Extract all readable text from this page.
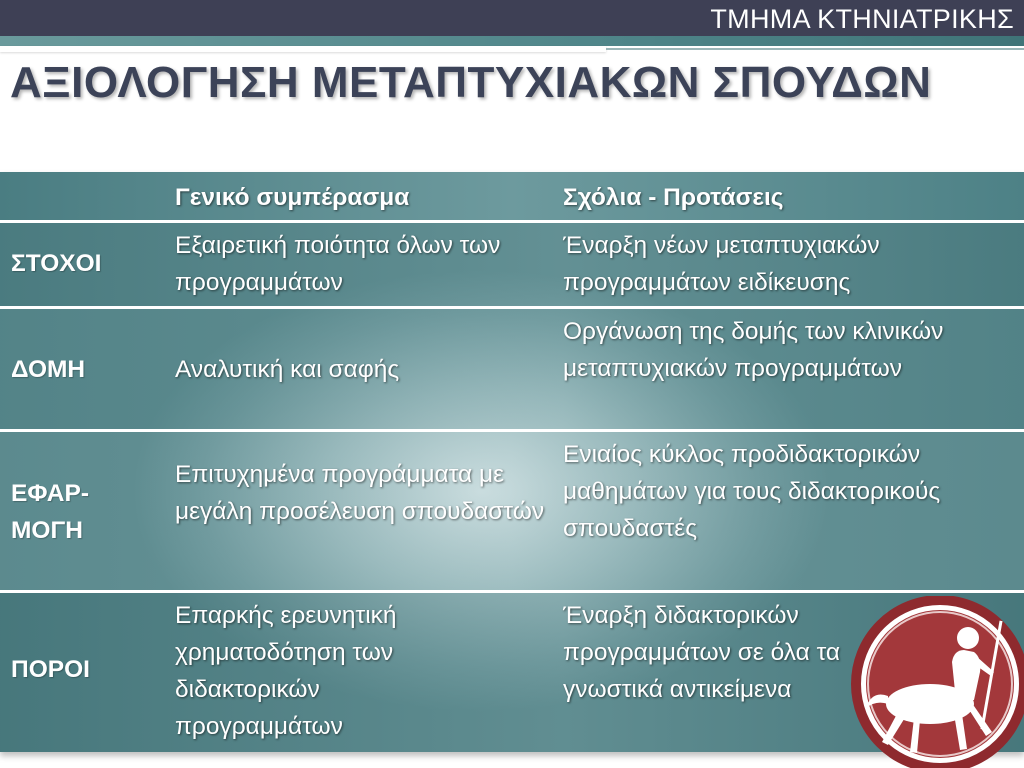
ΤΜΗΜΑ ΚΤΗΝΙΑΤΡΙΚΗΣ
ΑΞΙΟΛΟΓΗΣΗ ΜΕΤΑΠΤΥΧΙΑΚΩΝ ΣΠΟΥΔΩΝ
Γενικό συμπέρασμα	Σχόλια - Προτάσεις
ΣΤΟΧΟΙ
Εξαιρετική ποιότητα όλων των προγραμμάτων
Έναρξη νέων μεταπτυχιακών προγραμμάτων ειδίκευσης
ΔΟΜΗ	Αναλυτική και σαφής
Οργάνωση της δομής των κλινικών μεταπτυχιακών προγραμμάτων
ΕΦΑΡ-ΜΟΓΗ
Επιτυχημένα προγράμματα με μεγάλη προσέλευση σπουδαστών
Ενιαίος κύκλος προδιδακτορικών μαθημάτων για τους διδακτορικούς σπουδαστές
ΠΟΡΟΙ
Επαρκής ερευνητική χρηματοδότηση των διδακτορικών προγραμμάτων
Έναρξη διδακτορικών προγραμμάτων σε όλα τα γνωστικά αντικείμενα
